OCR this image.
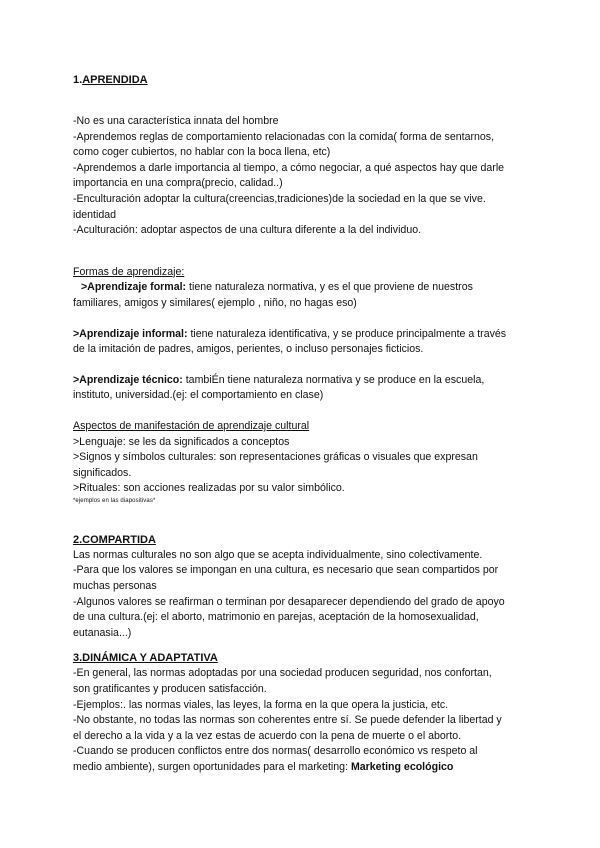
1.APRENDIDA

-No es una característica innata del hombre

-Aprendemos reglas de comportamiento relacionadas con la comida( forma de sentarnos,

como coger cubiertos, no hablar con la boca llena, etc)

-Aprendemos a darle importancia al tiempo, a cómo negociar, a qué aspectos hay que darle

importancia en una compra(precio, calidad..)

-Enculturación adoptar la cultura(creencias,tradiciones)de la sociedad en la que se vive.

identidad

-Aculturación: adoptar aspectos de una cultura diferente a la del individuo.

Formas de aprendizaje:

>Aprendizaje formal: tiene naturaleza normativa, y es el que proviene de nuestros

familiares, amigos y similares( ejemplo , niño, no hagas eso)

>Aprendizaje informal: tiene naturaleza identificativa, y se produce principalmente a través

de la imitación de padres, amigos, perientes, o incluso personajes ficticios.

>Aprendizaje técnico: tambiÉn tiene naturaleza normativa y se produce en la escuela,

instituto, universidad.(ej: el comportamiento en clase)

Aspectos de manifestación de aprendizaje cultural

>Lenguaje: se les da significados a conceptos

>Signos y símbolos culturales: son representaciones gráficas o visuales que expresan

significados.

>Rituales: son acciones realizadas por su valor simbólico.

*ejemplos en las diapositivas*

2.COMPARTIDA

Las normas culturales no son algo que se acepta individualmente, sino colectivamente.

-Para que los valores se impongan en una cultura, es necesario que sean compartidos por

muchas personas

-Algunos valores se reafirman o terminan por desaparecer dependiendo del grado de apoyo

de una cultura.(ej: el aborto, matrimonio en parejas, aceptación de la homosexualidad,

eutanasia...)

3.DINÁMICA Y ADAPTATIVA

-En general, las normas adoptadas por una sociedad producen seguridad, nos confortan,

son gratificantes y producen satisfacción.

-Ejemplos:. las normas viales, las leyes, la forma en la que opera la justicia, etc.

-No obstante, no todas las normas son coherentes entre sí. Se puede defender la libertad y

el derecho a la vida y a la vez estas de acuerdo con la pena de muerte o el aborto.

-Cuando se producen conflictos entre dos normas( desarrollo económico vs respeto al

medio ambiente), surgen oportunidades para el marketing: Marketing ecológico
